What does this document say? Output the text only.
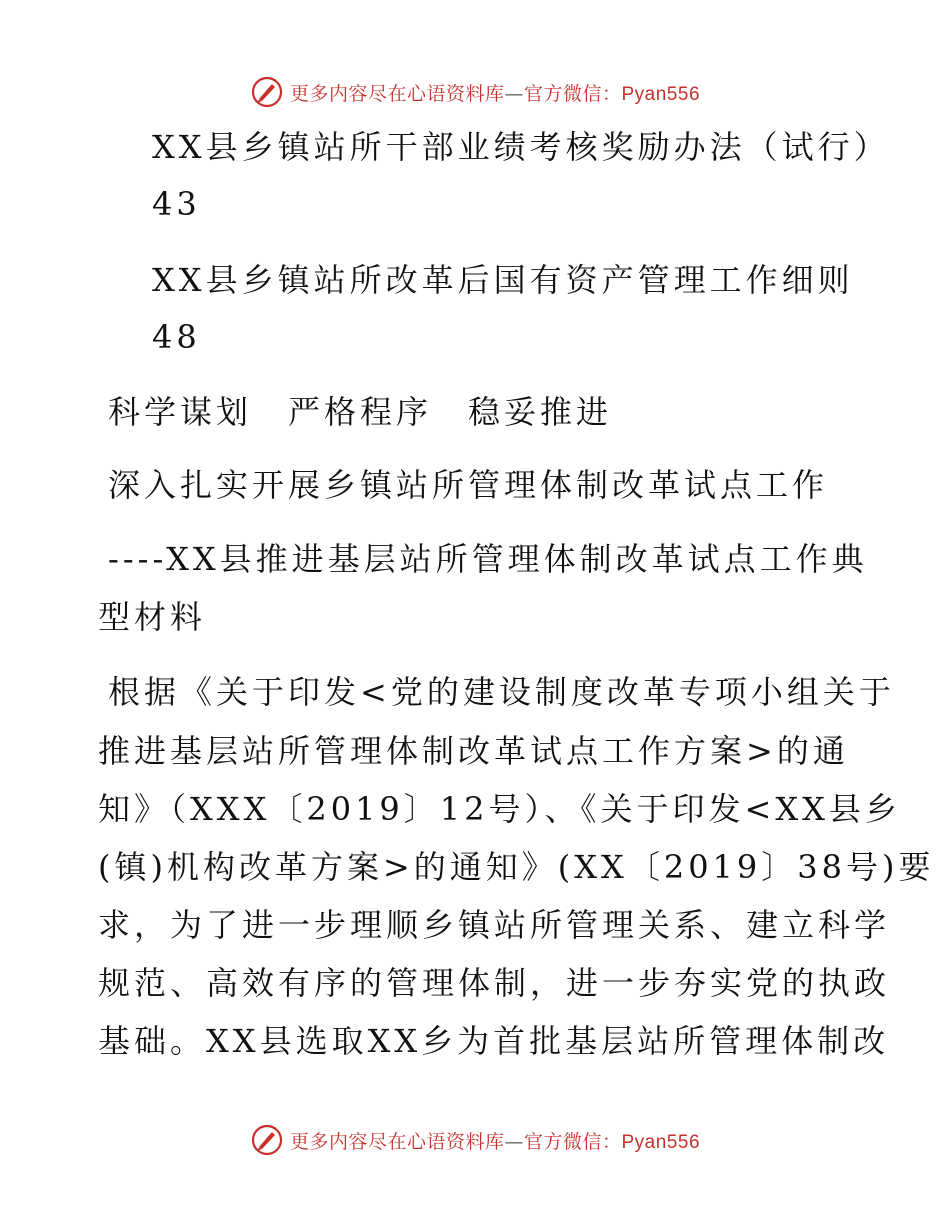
更多内容尽在心语资料库—官方微信：Pyan556
XX县乡镇站所干部业绩考核奖励办法（试行）
43
XX县乡镇站所改革后国有资产管理工作细则
48
科学谋划　严格程序　稳妥推进
深入扎实开展乡镇站所管理体制改革试点工作
----XX县推进基层站所管理体制改革试点工作典
型材料
根据《关于印发<党的建设制度改革专项小组关于
推进基层站所管理体制改革试点工作方案>的通
知》（XXX〔2019〕12号）、《关于印发<XX县乡
(镇)机构改革方案>的通知》(XX〔2019〕38号)要
求，为了进一步理顺乡镇站所管理关系、建立科学
规范、高效有序的管理体制，进一步夯实党的执政
基础。XX县选取XX乡为首批基层站所管理体制改
更多内容尽在心语资料库—官方微信：Pyan556
